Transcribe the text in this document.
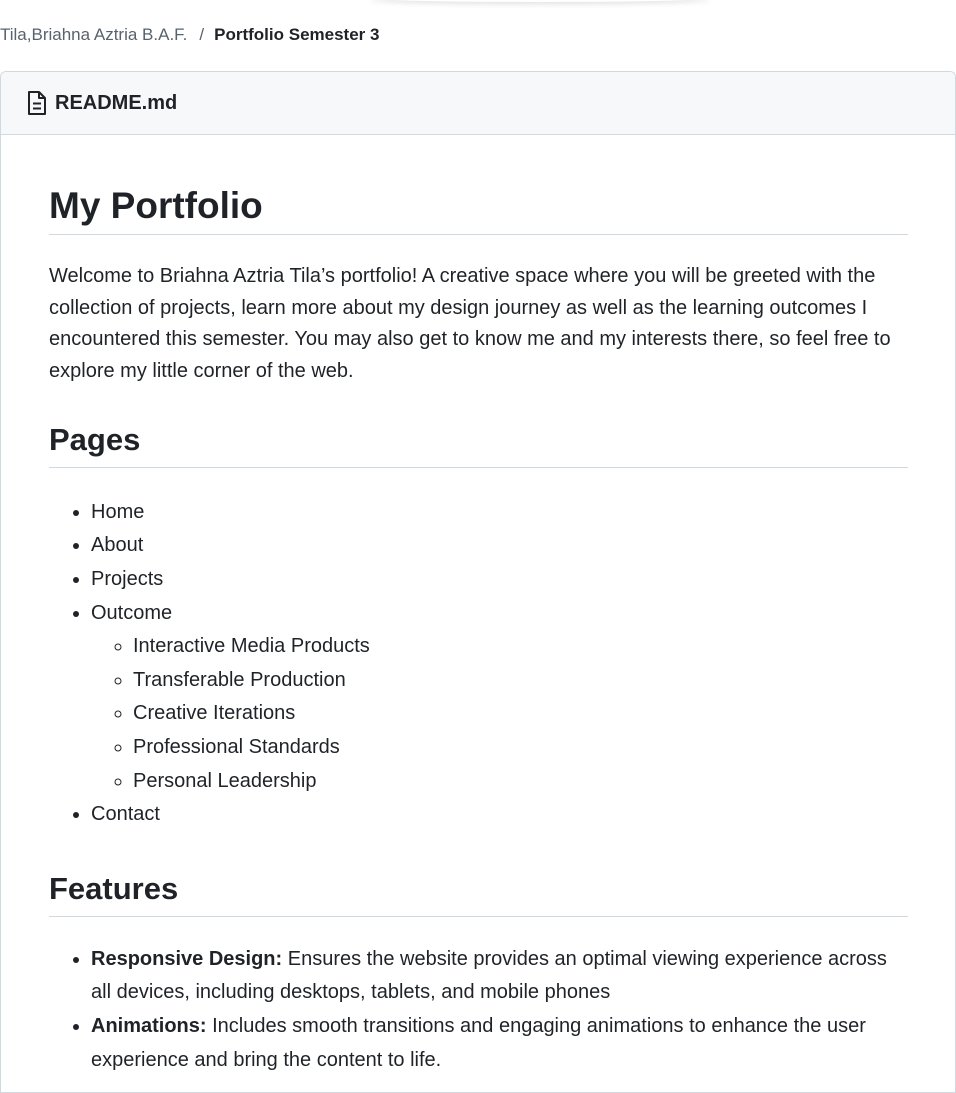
Tila,Briahna Aztria B.A.F. / Portfolio Semester 3
README.md
My Portfolio

Welcome to Briahna Aztria Tila’s portfolio! A creative space where you will be greeted with the collection of projects, learn more about my design journey as well as the learning outcomes I encountered this semester. You may also get to know me and my interests there, so feel free to explore my little corner of the web.

Pages
• Home
• About
• Projects
• Outcome
◦ Interactive Media Products
◦ Transferable Production
◦ Creative Iterations
◦ Professional Standards
◦ Personal Leadership
• Contact
Features
• Responsive Design: Ensures the website provides an optimal viewing experience across all devices, including desktops, tablets, and mobile phones
• Animations: Includes smooth transitions and engaging animations to enhance the user experience and bring the content to life.
